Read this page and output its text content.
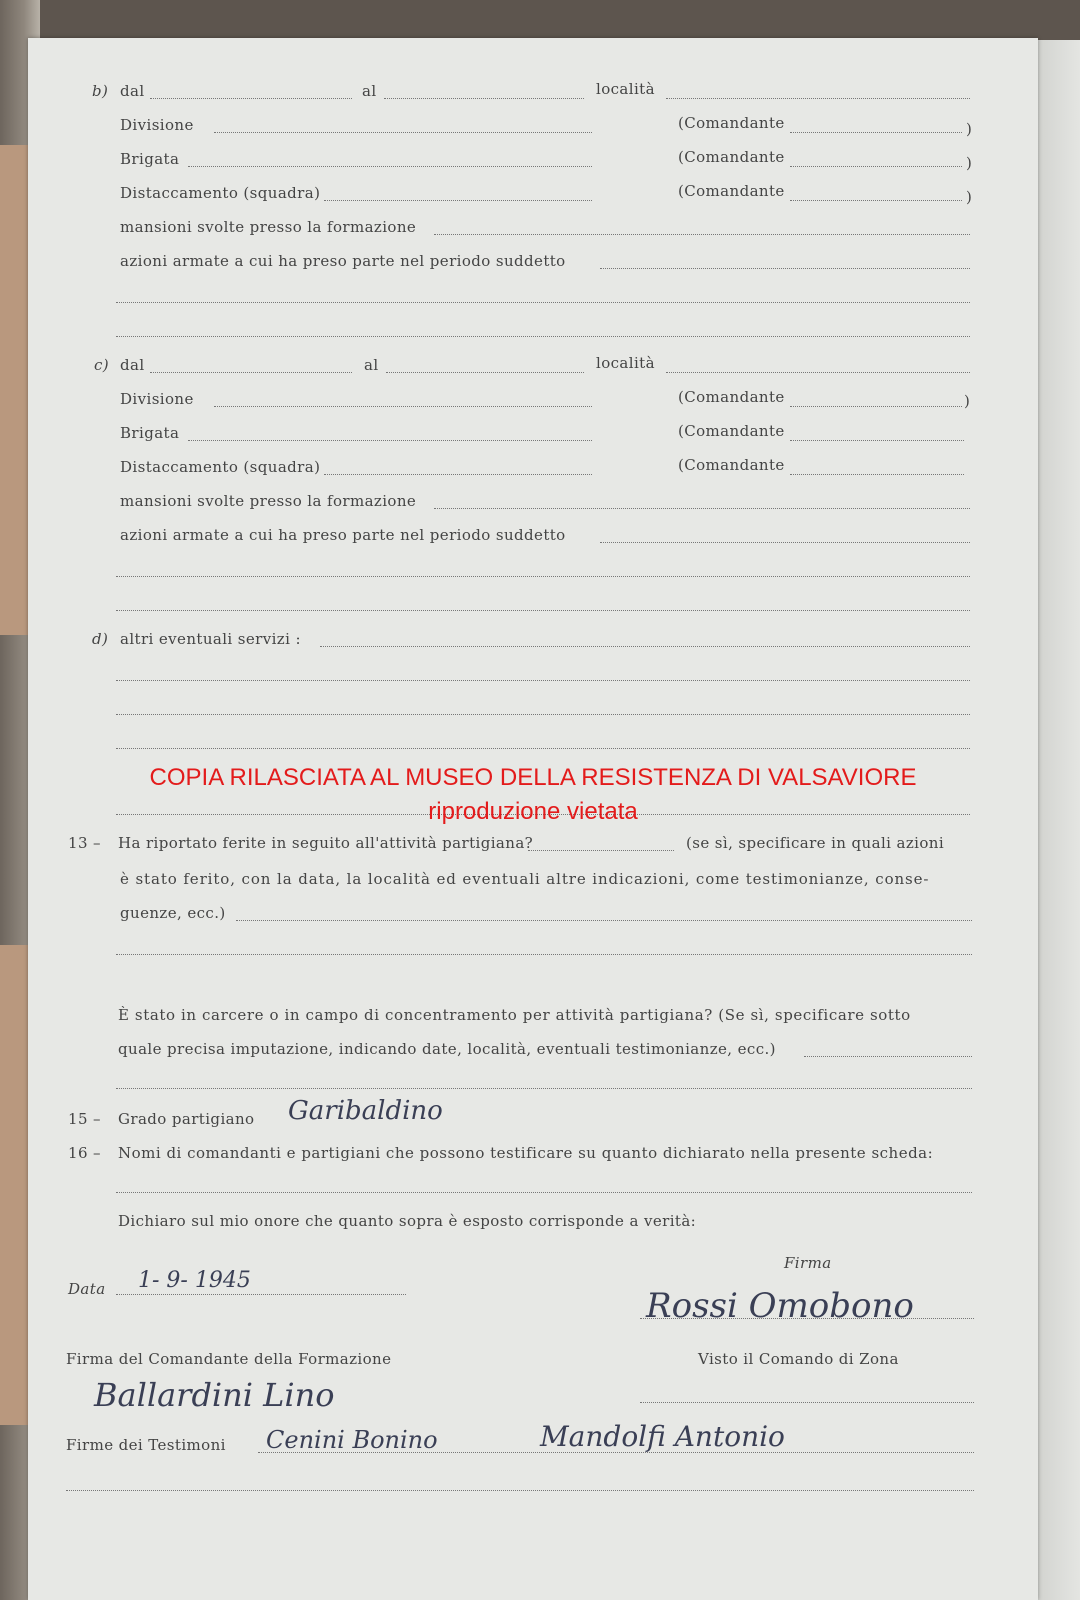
b) dal	al	località
Divisione	(Comandante	)
Brigata	(Comandante	)
Distaccamento (squadra)	(Comandante	)
mansioni svolte presso la formazione
azioni armate a cui ha preso parte nel periodo suddetto
c) dal	al	località
Divisione	(Comandante	)
Brigata	(Comandante
Distaccamento (squadra)	(Comandante
mansioni svolte presso la formazione
azioni armate a cui ha preso parte nel periodo suddetto
d) altri eventuali servizi :
COPIA RILASCIATA AL MUSEO DELLA RESISTENZA DI VALSAVIORE
riproduzione vietata
13 – Ha riportato ferite in seguito all'attività partigiana?	(se sì, specificare in quali azioni
è stato ferito, con la data, la località ed eventuali altre indicazioni, come testimonianze, conse-
guenze, ecc.)
È stato in carcere o in campo di concentramento per attività partigiana? (Se sì, specificare sotto
quale precisa imputazione, indicando date, località, eventuali testimonianze, ecc.)
15 – Grado partigiano Garibaldino
16 – Nomi di comandanti e partigiani che possono testificare su quanto dichiarato nella presente scheda:
Dichiaro sul mio onore che quanto sopra è esposto corrisponde a verità:
Firma
Data 1- 9- 1945
Rossi Omobono
Firma del Comandante della Formazione	Visto il Comando di Zona
Ballardini Lino
Firme dei Testimoni Cenini Bonino	Mandolfi Antonio
